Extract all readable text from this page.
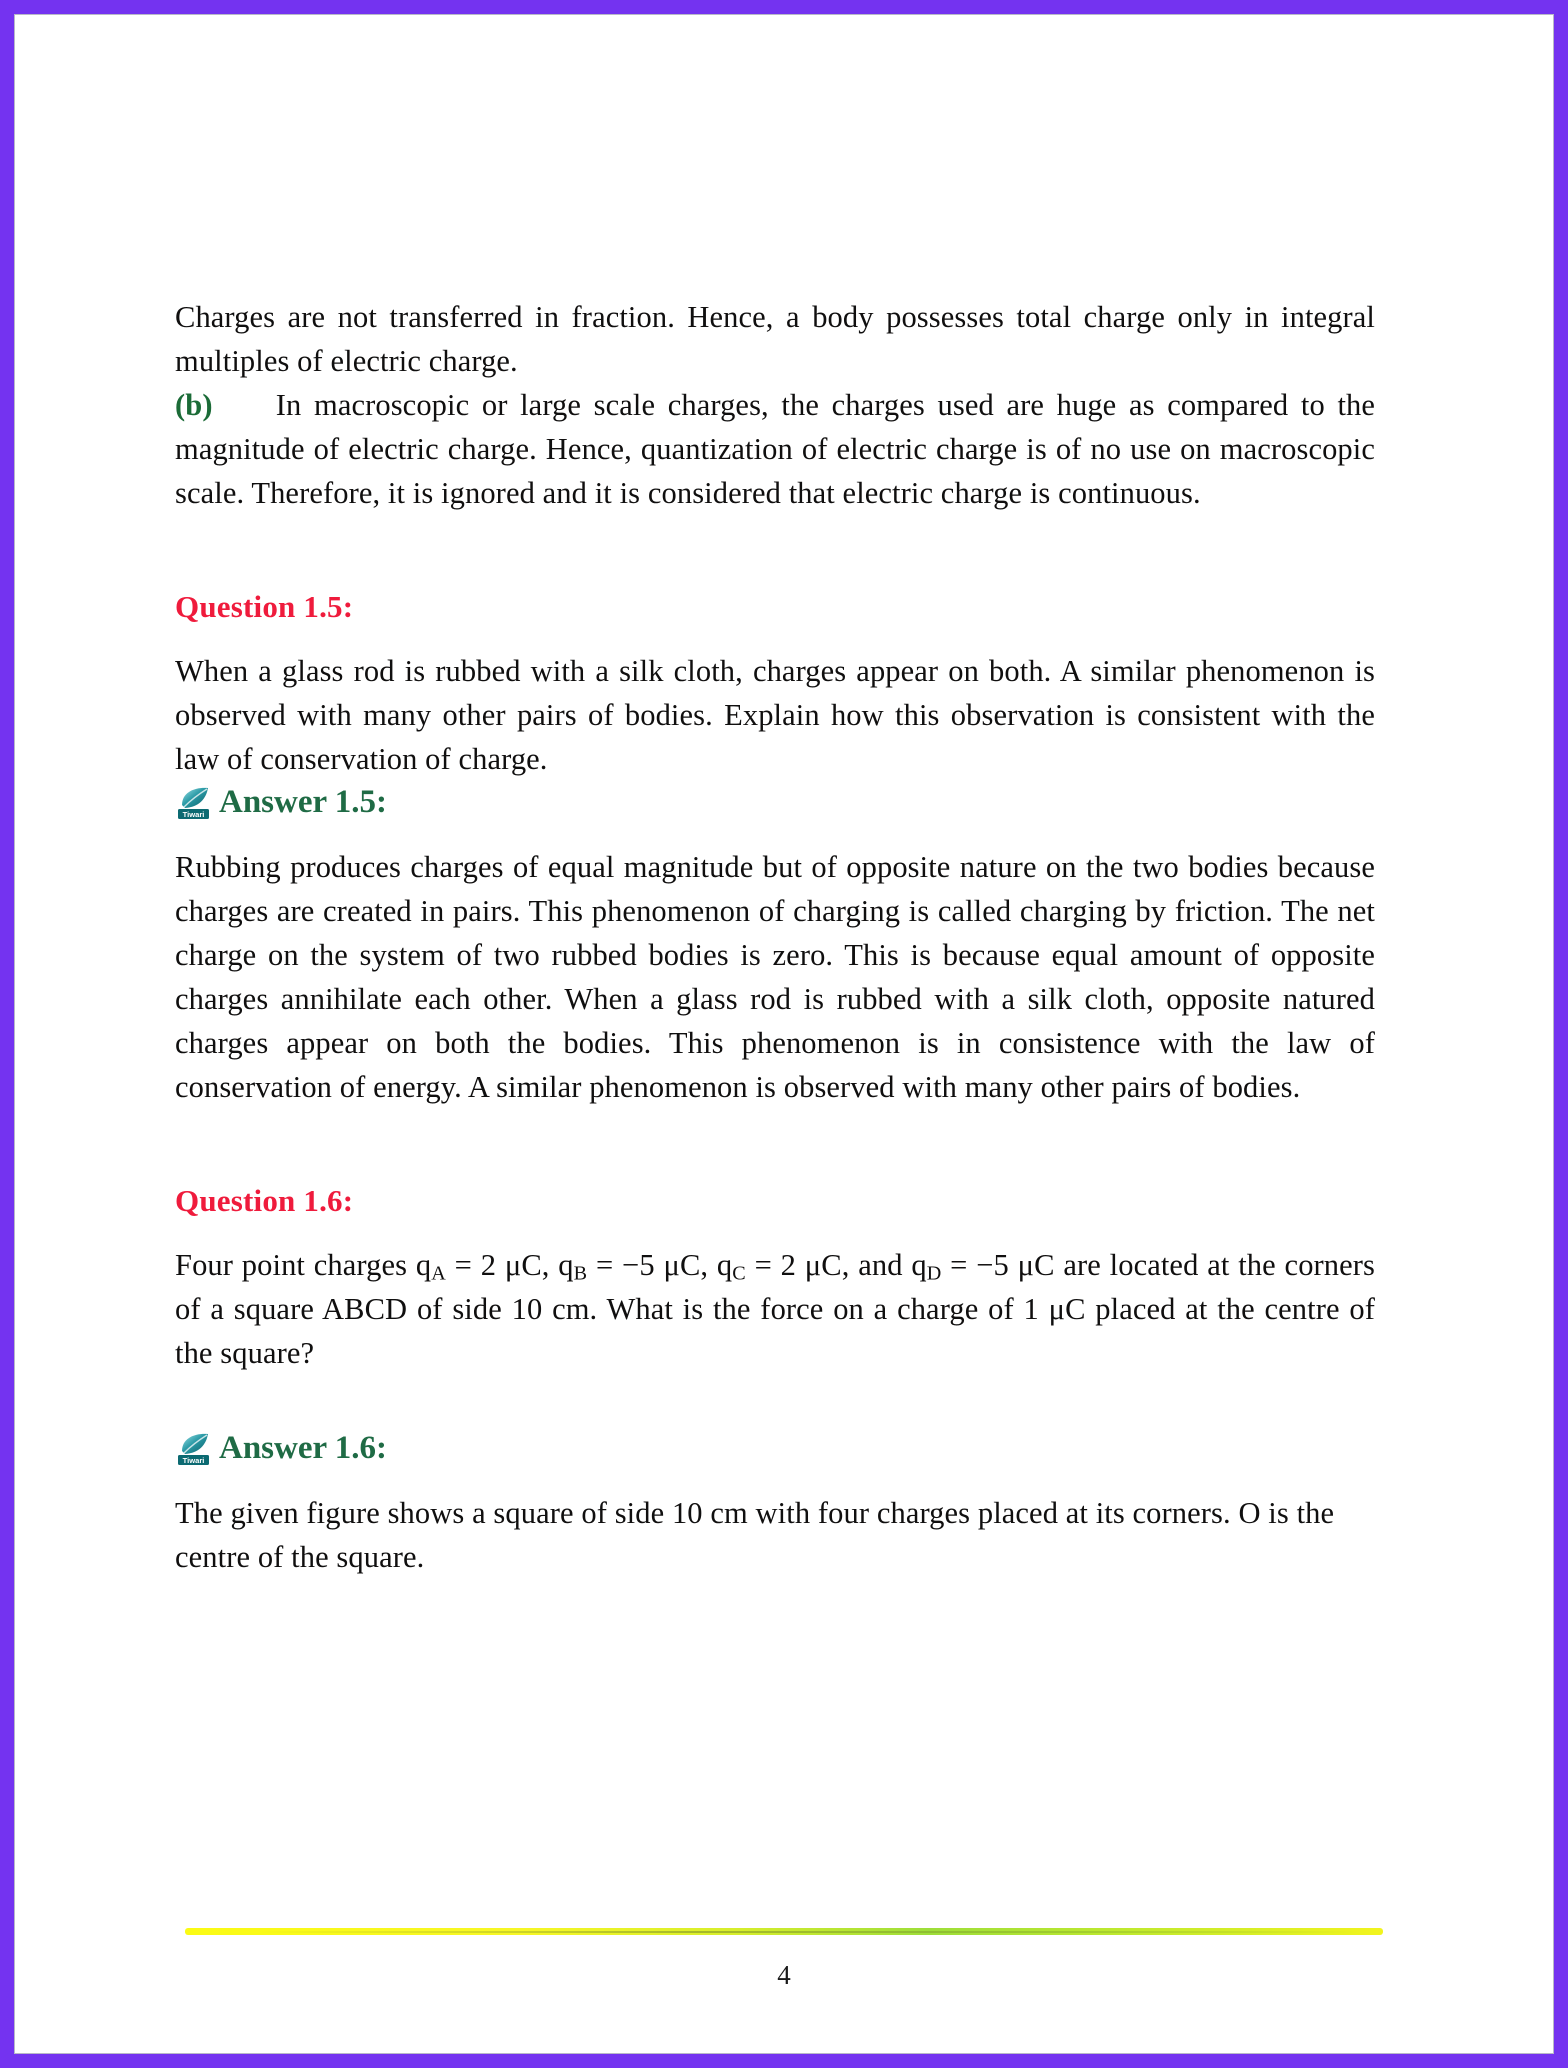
Charges are not transferred in fraction. Hence, a body possesses total charge only in integral multiples of electric charge.

(b) In macroscopic or large scale charges, the charges used are huge as compared to the magnitude of electric charge. Hence, quantization of electric charge is of no use on macroscopic scale. Therefore, it is ignored and it is considered that electric charge is continuous.

Question 1.5:

When a glass rod is rubbed with a silk cloth, charges appear on both. A similar phenomenon is observed with many other pairs of bodies. Explain how this observation is consistent with the law of conservation of charge.

Tiwari Answer 1.5:

Rubbing produces charges of equal magnitude but of opposite nature on the two bodies because charges are created in pairs. This phenomenon of charging is called charging by friction. The net charge on the system of two rubbed bodies is zero. This is because equal amount of opposite charges annihilate each other. When a glass rod is rubbed with a silk cloth, opposite natured charges appear on both the bodies. This phenomenon is in consistence with the law of conservation of energy. A similar phenomenon is observed with many other pairs of bodies.

Question 1.6:

Four point charges $q_A = 2$ μC, $q_B = -5$ μC, $q_C = 2$ μC, and $q_D = -5$ μC are located at the corners of a square ABCD of side 10 cm. What is the force on a charge of 1 μC placed at the centre of the square?

Tiwari Answer 1.6:

The given figure shows a square of side 10 cm with four charges placed at its corners. O is the centre of the square.

4
